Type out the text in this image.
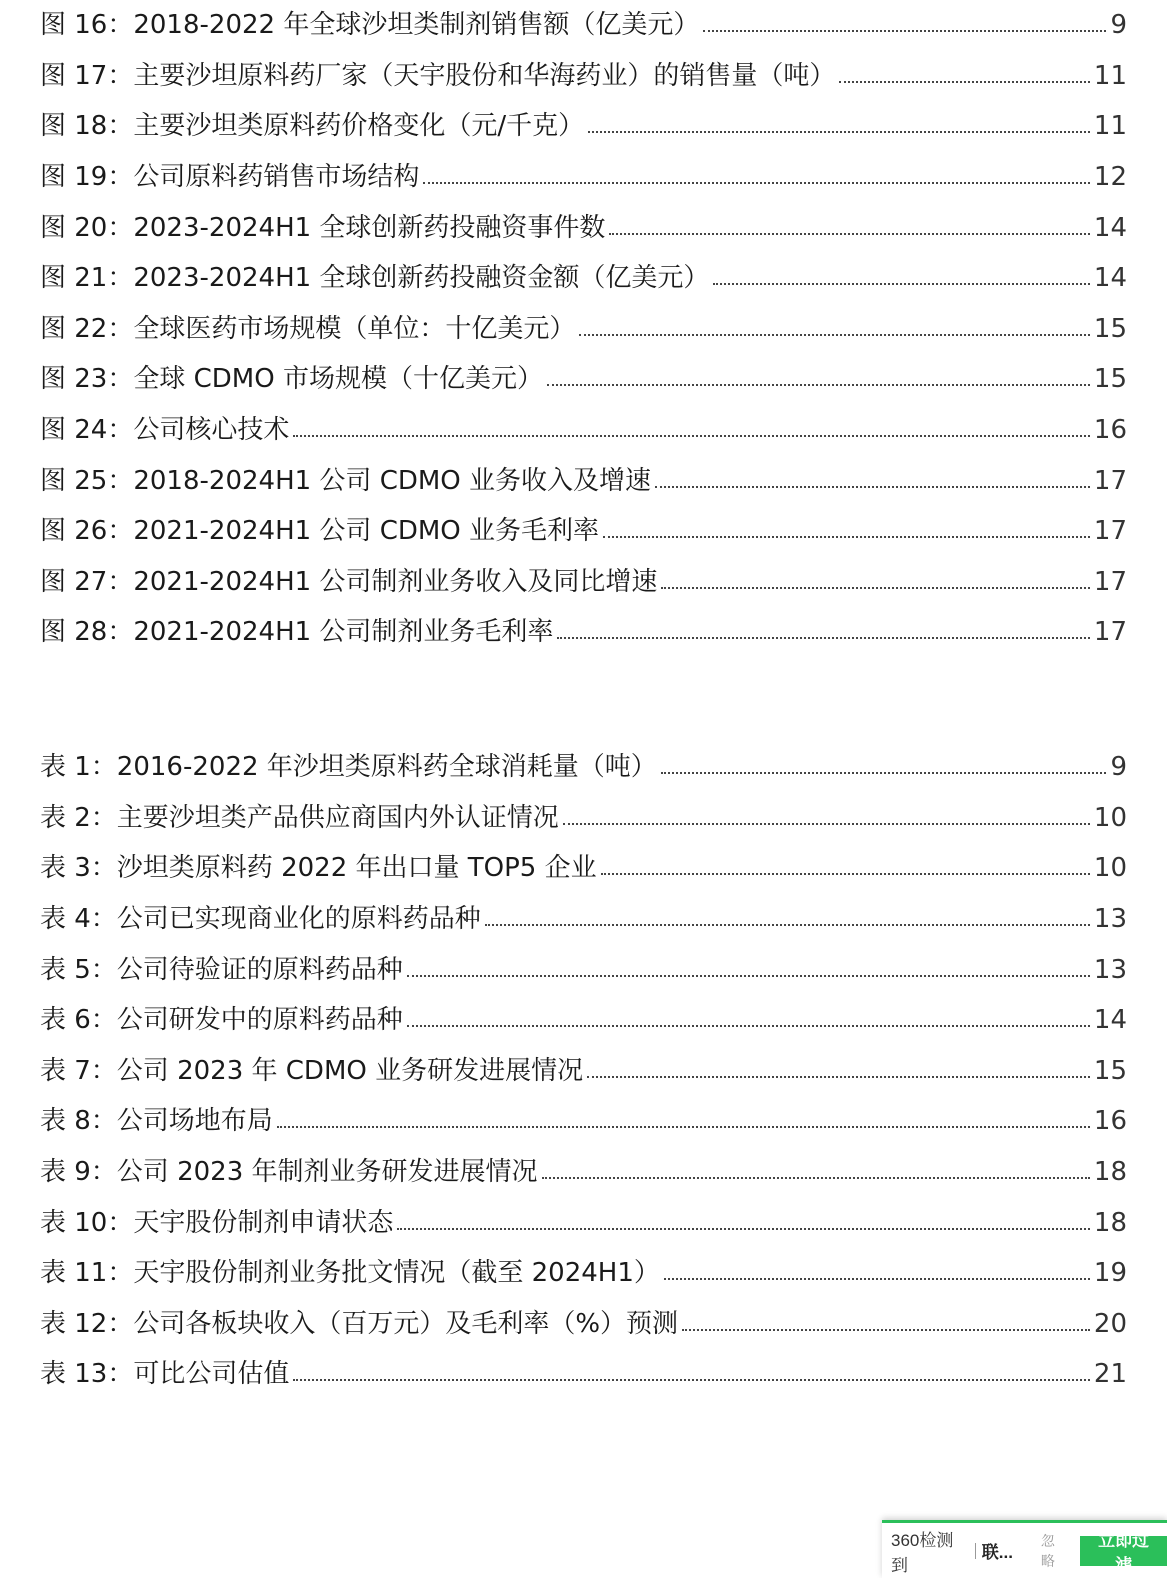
图 16：2018-2022 年全球沙坦类制剂销售额（亿美元）	9
图 17：主要沙坦原料药厂家（天宇股份和华海药业）的销售量（吨）	11
图 18：主要沙坦类原料药价格变化（元/千克）	11
图 19：公司原料药销售市场结构	12
图 20：2023-2024H1 全球创新药投融资事件数	14
图 21：2023-2024H1 全球创新药投融资金额（亿美元）	14
图 22：全球医药市场规模（单位：十亿美元）	15
图 23：全球 CDMO 市场规模（十亿美元）	15
图 24：公司核心技术	16
图 25：2018-2024H1 公司 CDMO 业务收入及增速	17
图 26：2021-2024H1 公司 CDMO 业务毛利率	17
图 27：2021-2024H1 公司制剂业务收入及同比增速	17
图 28：2021-2024H1 公司制剂业务毛利率	17
表 1：2016-2022 年沙坦类原料药全球消耗量（吨）	9
表 2：主要沙坦类产品供应商国内外认证情况	10
表 3：沙坦类原料药 2022 年出口量 TOP5 企业	10
表 4：公司已实现商业化的原料药品种	13
表 5：公司待验证的原料药品种	13
表 6：公司研发中的原料药品种	14
表 7：公司 2023 年 CDMO 业务研发进展情况	15
表 8：公司场地布局	16
表 9：公司 2023 年制剂业务研发进展情况	18
表 10：天宇股份制剂申请状态	18
表 11：天宇股份制剂业务批文情况（截至 2024H1）	19
表 12：公司各板块收入（百万元）及毛利率（%）预测	20
表 13：可比公司估值	21
360检测到
联...
忽略
立即过滤
